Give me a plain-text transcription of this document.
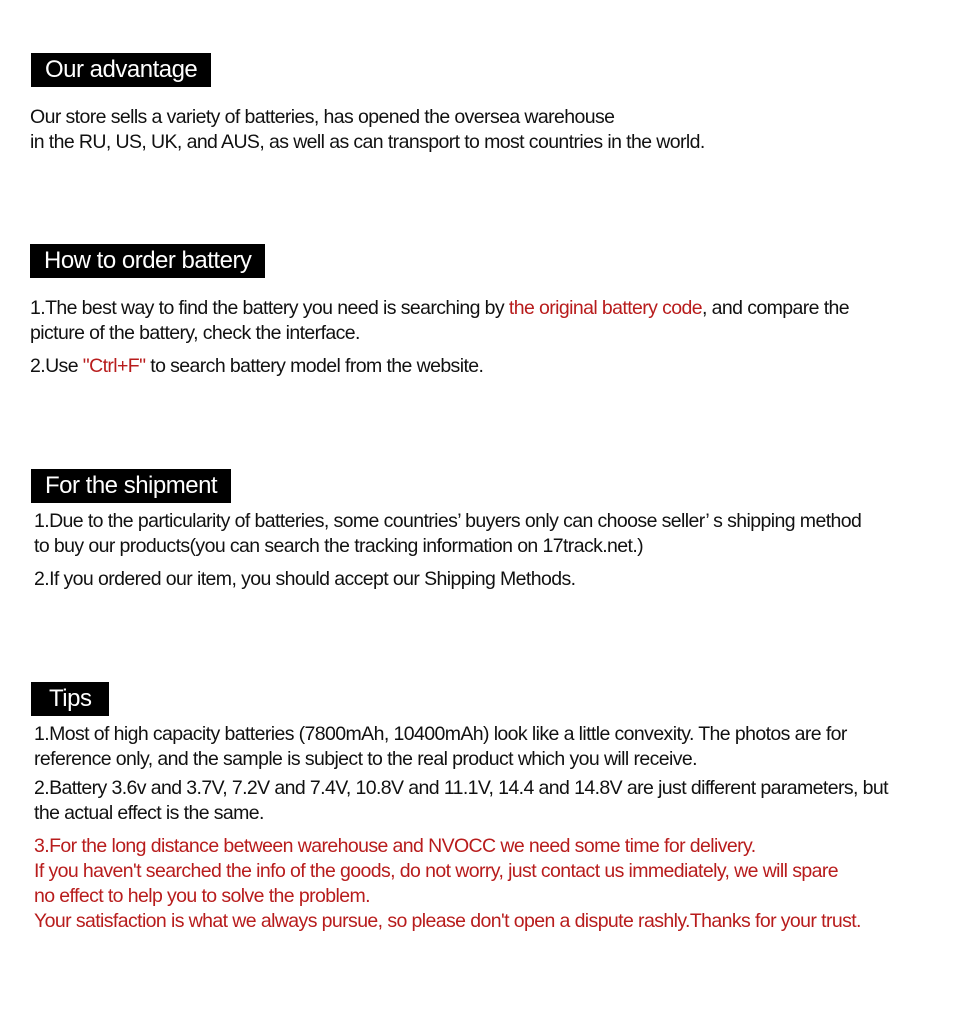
Our advantage

Our store sells a variety of batteries, has opened the oversea warehouse

in the RU, US, UK, and AUS, as well as can transport to most countries in the world.

How to order battery

1.The best way to find the battery you need is searching by the original battery code, and compare the

picture of the battery, check the interface.

2.Use "Ctrl+F" to search battery model from the website.

For the shipment

1.Due to the particularity of batteries, some countries’ buyers only can choose seller’ s shipping method

to buy our products(you can search the tracking information on 17track.net.)

2.If you ordered our item, you should accept our Shipping Methods.

Tips

1.Most of high capacity batteries (7800mAh, 10400mAh) look like a little convexity. The photos are for

reference only, and the sample is subject to the real product which you will receive.

2.Battery 3.6v and 3.7V, 7.2V and 7.4V, 10.8V and 11.1V, 14.4 and 14.8V are just different parameters, but

the actual effect is the same.

3.For the long distance between warehouse and NVOCC we need some time for delivery.

If you haven't searched the info of the goods, do not worry, just contact us immediately, we will spare

no effect to help you to solve the problem.

Your satisfaction is what we always pursue, so please don't open a dispute rashly.Thanks for your trust.
